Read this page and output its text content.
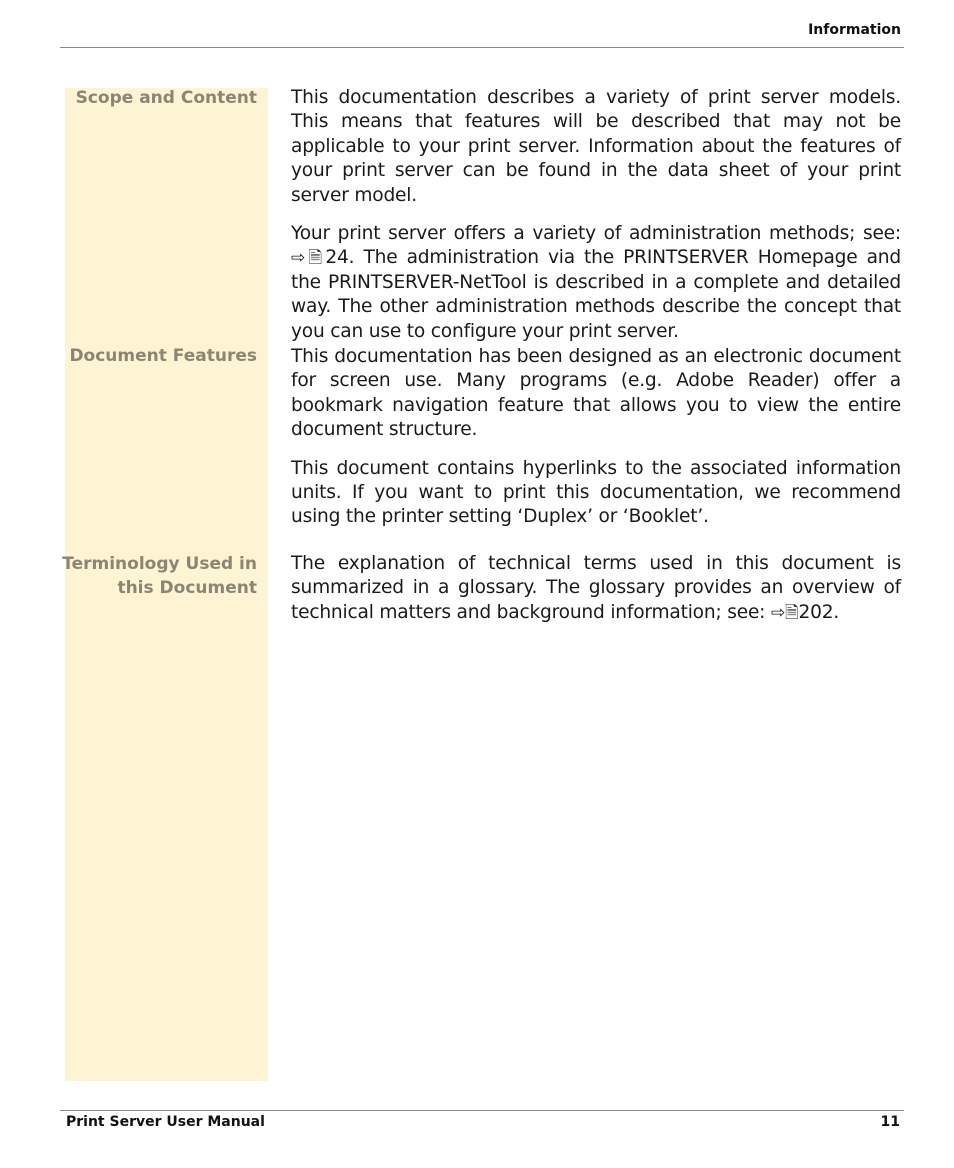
Information
Scope and Content This documentation describes a variety of print server models. This means that features will be described that may not be applicable to your print server. Information about the features of your print server can be found in the data sheet of your print server model.

Your print server offers a variety of administration methods; see: ⇨🗎24. The administration via the PRINTSERVER Homepage and the PRINTSERVER-NetTool is described in a complete and detailed way. The other administration methods describe the concept that you can use to configure your print server.

Document Features This documentation has been designed as an electronic document for screen use. Many programs (e.g. Adobe Reader) offer a bookmark navigation feature that allows you to view the entire document structure.

This document contains hyperlinks to the associated information units. If you want to print this documentation, we recommend using the printer setting ‘Duplex’ or ‘Booklet’.

Terminology Used in
this Document

The explanation of technical terms used in this document is summarized in a glossary. The glossary provides an overview of technical matters and background information; see: ⇨🗎202.

Print Server User Manual	11
